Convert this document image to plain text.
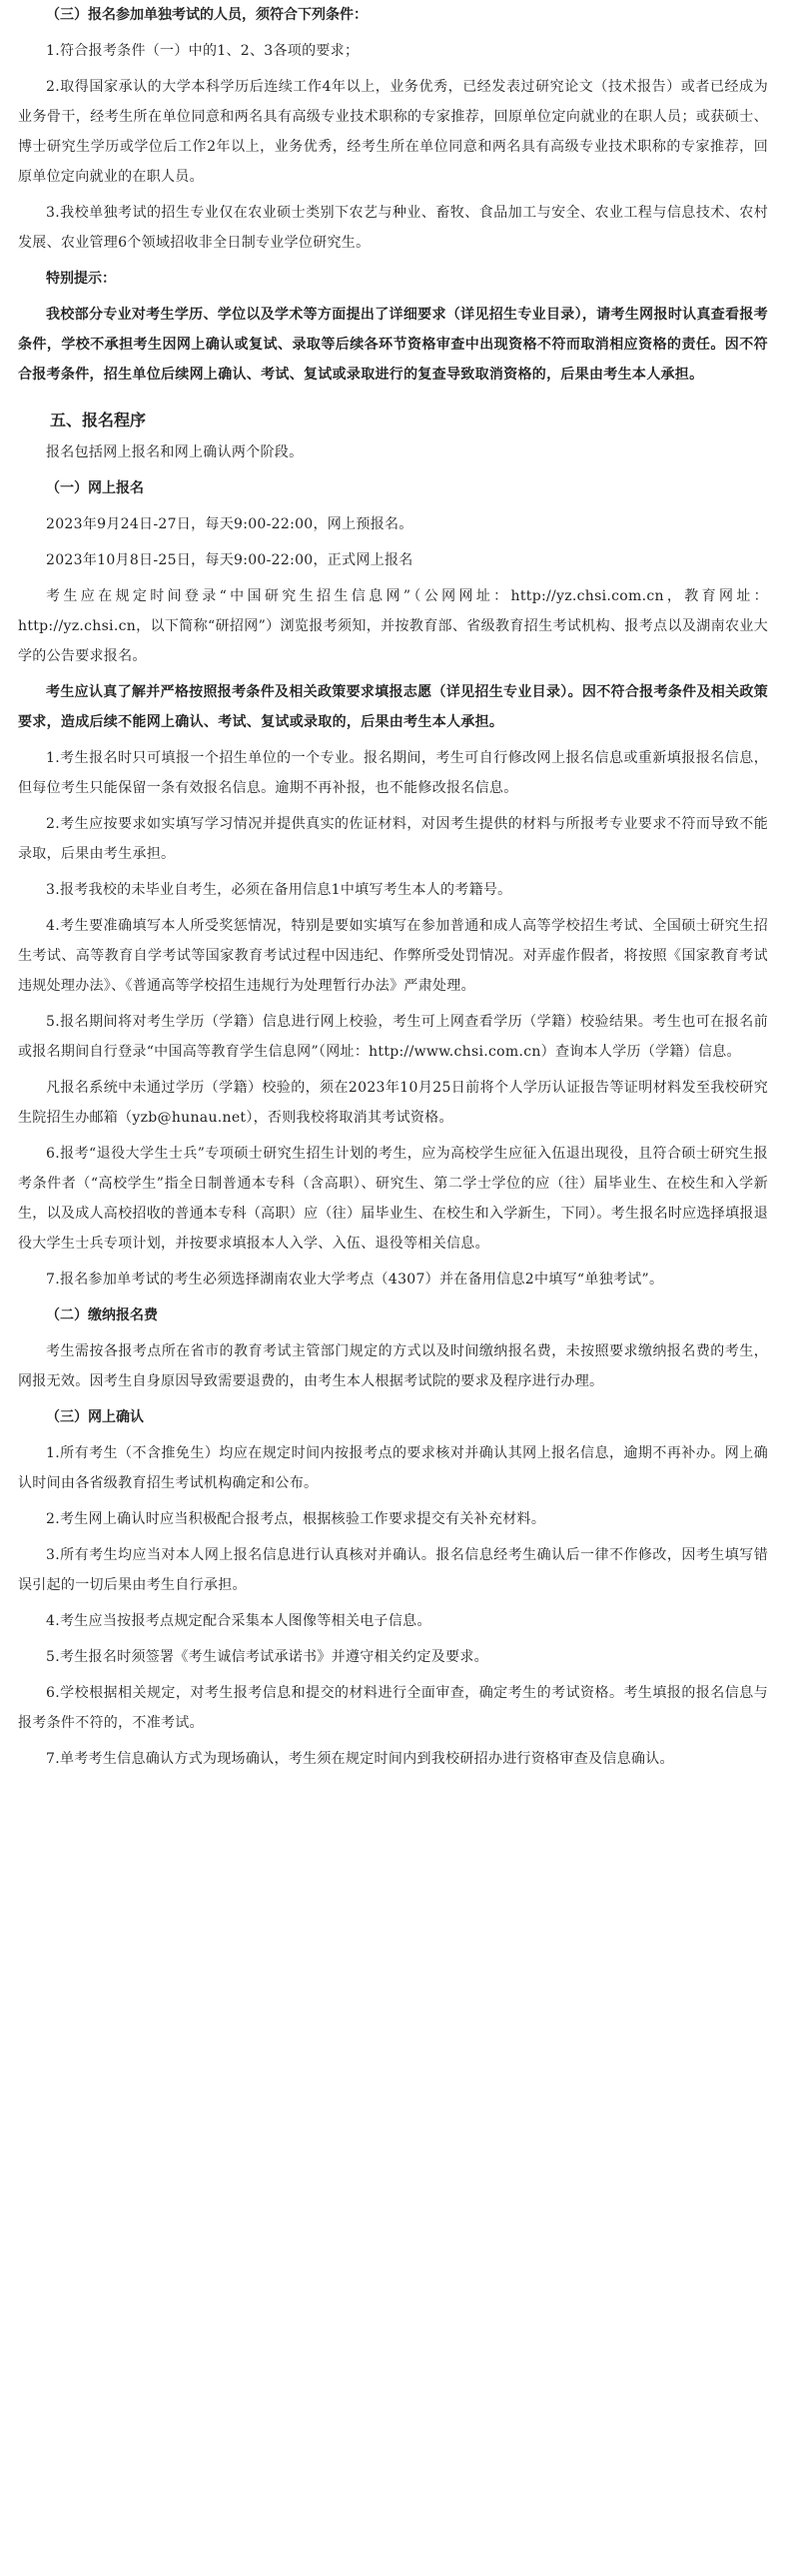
（三）报名参加单独考试的人员，须符合下列条件：

1.符合报考条件（一）中的1、2、3各项的要求；

2.取得国家承认的大学本科学历后连续工作4年以上，业务优秀，已经发表过研究论文（技术报告）或者已经成为业务骨干，经考生所在单位同意和两名具有高级专业技术职称的专家推荐，回原单位定向就业的在职人员；或获硕士、博士研究生学历或学位后工作2年以上，业务优秀，经考生所在单位同意和两名具有高级专业技术职称的专家推荐，回原单位定向就业的在职人员。

3.我校单独考试的招生专业仅在农业硕士类别下农艺与种业、畜牧、食品加工与安全、农业工程与信息技术、农村发展、农业管理6个领域招收非全日制专业学位研究生。

特别提示：

我校部分专业对考生学历、学位以及学术等方面提出了详细要求（详见招生专业目录），请考生网报时认真查看报考条件，学校不承担考生因网上确认或复试、录取等后续各环节资格审查中出现资格不符而取消相应资格的责任。因不符合报考条件，招生单位后续网上确认、考试、复试或录取进行的复查导致取消资格的，后果由考生本人承担。

五、报名程序

报名包括网上报名和网上确认两个阶段。

（一）网上报名

2023年9月24日-27日，每天9:00-22:00，网上预报名。

2023年10月8日-25日，每天9:00-22:00，正式网上报名

考生应在规定时间登录“中国研究生招生信息网”（公网网址：http://yz.chsi.com.cn，教育网址：http://yz.chsi.cn，以下简称“研招网”）浏览报考须知，并按教育部、省级教育招生考试机构、报考点以及湖南农业大学的公告要求报名。

考生应认真了解并严格按照报考条件及相关政策要求填报志愿（详见招生专业目录）。因不符合报考条件及相关政策要求，造成后续不能网上确认、考试、复试或录取的，后果由考生本人承担。

1.考生报名时只可填报一个招生单位的一个专业。报名期间，考生可自行修改网上报名信息或重新填报报名信息，但每位考生只能保留一条有效报名信息。逾期不再补报，也不能修改报名信息。

2.考生应按要求如实填写学习情况并提供真实的佐证材料，对因考生提供的材料与所报考专业要求不符而导致不能录取，后果由考生承担。

3.报考我校的未毕业自考生，必须在备用信息1中填写考生本人的考籍号。

4.考生要准确填写本人所受奖惩情况，特别是要如实填写在参加普通和成人高等学校招生考试、全国硕士研究生招生考试、高等教育自学考试等国家教育考试过程中因违纪、作弊所受处罚情况。对弄虚作假者，将按照《国家教育考试违规处理办法》、《普通高等学校招生违规行为处理暂行办法》严肃处理。

5.报名期间将对考生学历（学籍）信息进行网上校验，考生可上网查看学历（学籍）校验结果。考生也可在报名前或报名期间自行登录“中国高等教育学生信息网”（网址：http://www.chsi.com.cn）查询本人学历（学籍）信息。

凡报名系统中未通过学历（学籍）校验的，须在2023年10月25日前将个人学历认证报告等证明材料发至我校研究生院招生办邮箱（yzb@hunau.net），否则我校将取消其考试资格。

6.报考“退役大学生士兵”专项硕士研究生招生计划的考生，应为高校学生应征入伍退出现役，且符合硕士研究生报考条件者（“高校学生”指全日制普通本专科（含高职）、研究生、第二学士学位的应（往）届毕业生、在校生和入学新生，以及成人高校招收的普通本专科（高职）应（往）届毕业生、在校生和入学新生，下同）。考生报名时应选择填报退役大学生士兵专项计划，并按要求填报本人入学、入伍、退役等相关信息。

7.报名参加单考试的考生必须选择湖南农业大学考点（4307）并在备用信息2中填写“单独考试”。

（二）缴纳报名费

考生需按各报考点所在省市的教育考试主管部门规定的方式以及时间缴纳报名费，未按照要求缴纳报名费的考生，网报无效。因考生自身原因导致需要退费的，由考生本人根据考试院的要求及程序进行办理。

（三）网上确认

1.所有考生（不含推免生）均应在规定时间内按报考点的要求核对并确认其网上报名信息，逾期不再补办。网上确认时间由各省级教育招生考试机构确定和公布。

2.考生网上确认时应当积极配合报考点，根据核验工作要求提交有关补充材料。

3.所有考生均应当对本人网上报名信息进行认真核对并确认。报名信息经考生确认后一律不作修改，因考生填写错误引起的一切后果由考生自行承担。

4.考生应当按报考点规定配合采集本人图像等相关电子信息。

5.考生报名时须签署《考生诚信考试承诺书》并遵守相关约定及要求。

6.学校根据相关规定，对考生报考信息和提交的材料进行全面审查，确定考生的考试资格。考生填报的报名信息与报考条件不符的，不准考试。

7.单考考生信息确认方式为现场确认，考生须在规定时间内到我校研招办进行资格审查及信息确认。
